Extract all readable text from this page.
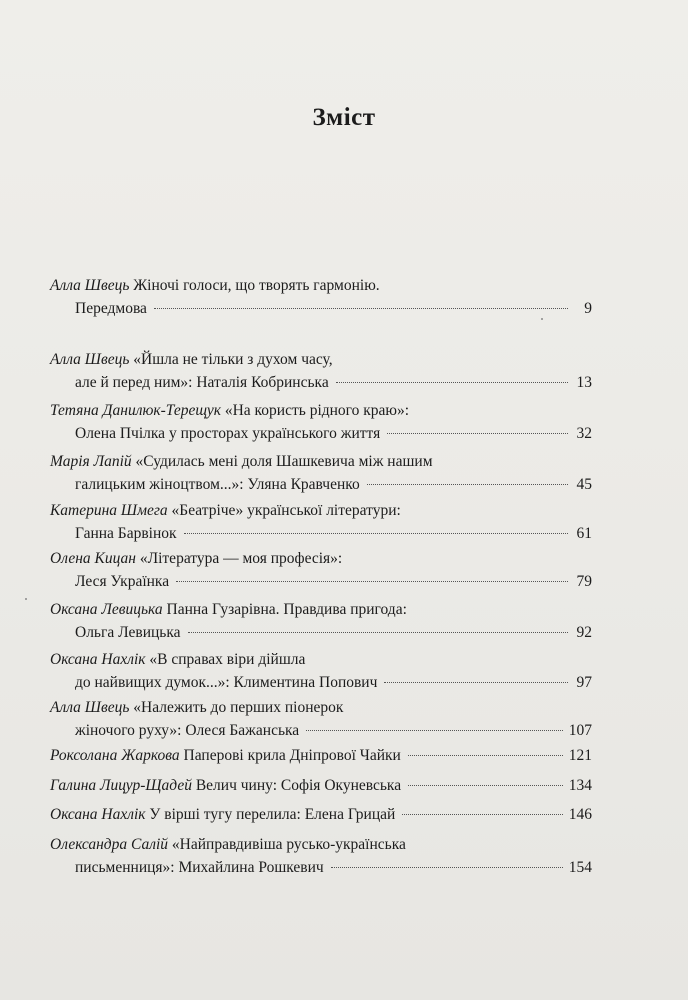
Зміст
Алла Швець
Жіночі голоси, що творять гармонію.
Передмова	9
Алла Швець
«Йшла не тільки з духом часу,
але й перед ним»: Наталія Кобринська	13
Тетяна Данилюк-Терещук
«На користь рідного краю»:
Олена Пчілка у просторах українського життя	32
Марія Лапій
«Судилась мені доля Шашкевича між нашим
галицьким жіноцтвом...»: Уляна Кравченко	45
Катерина Шмега
«Беатріче» української літератури:
Ганна Барвінок	61
Олена Кицан
«Література — моя професія»:
Леся Українка	79
Оксана Левицька
Панна Гузарівна. Правдива пригода:
Ольга Левицька	92
Оксана Нахлік
«В справах віри дійшла
до найвищих думок...»: Климентина Попович	97
Алла Швець
«Належить до перших піонерок
жіночого руху»: Олеся Бажанська	107
Роксолана Жаркова
Паперові крила Дніпрової Чайки	121
Галина Лицур-Щадей
Велич чину: Софія Окуневська	134
Оксана Нахлік
У вірші тугу перелила: Елена Грицай	146
Олександра Салій
«Найправдивіша русько-українська
письменниця»: Михайлина Рошкевич	154
